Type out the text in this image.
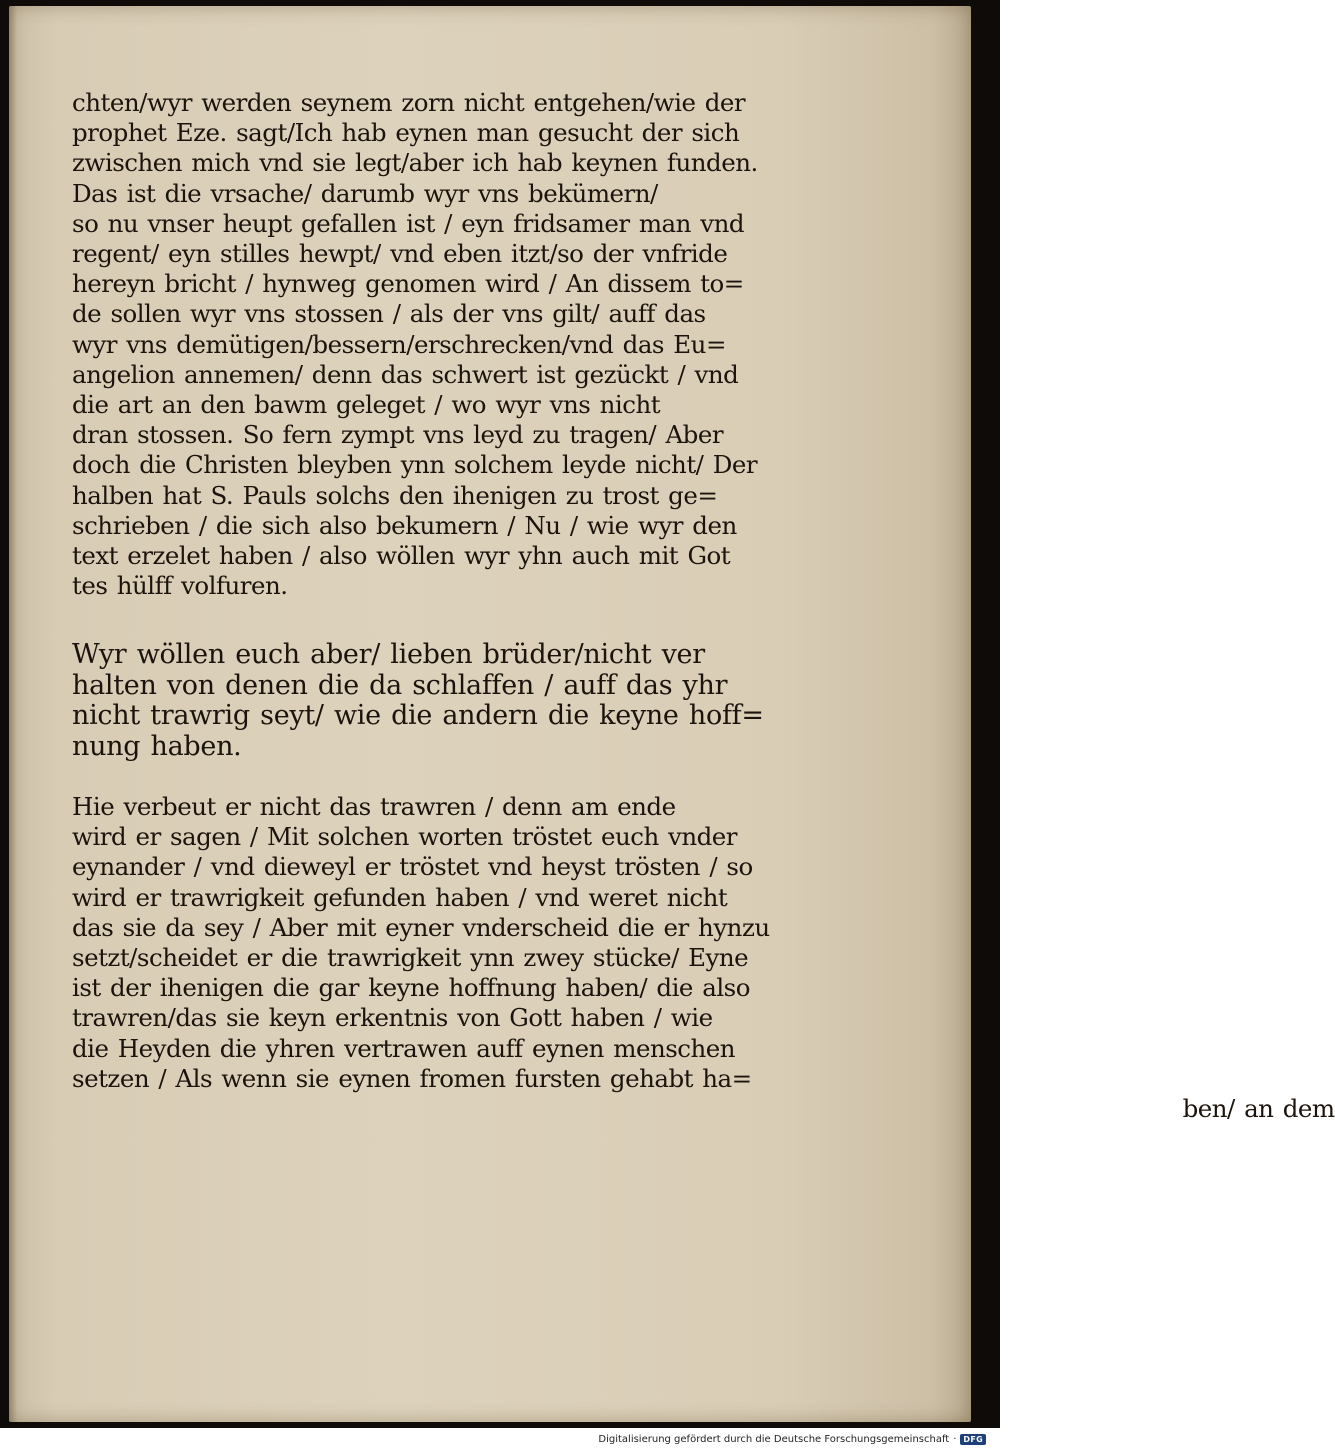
chten/wyr werden seynem zorn nicht entgehen/wie der
prophet Eze. sagt/Ich hab eynen man gesucht der sich
zwischen mich vnd sie legt/aber ich hab keynen funden.
Das ist die vrsache/ darumb wyr vns bekümern/
so nu vnser heupt gefallen ist / eyn fridsamer man vnd
regent/ eyn stilles hewpt/ vnd eben itzt/so der vnfride
hereyn bricht / hynweg genomen wird / An dissem to=
de sollen wyr vns stossen / als der vns gilt/ auff das
wyr vns demütigen/bessern/erschrecken/vnd das Eu=
angelion annemen/ denn das schwert ist gezückt / vnd
die art an den bawm geleget / wo wyr vns nicht
dran stossen. So fern zympt vns leyd zu tragen/ Aber
doch die Christen bleyben ynn solchem leyde nicht/ Der
halben hat S. Pauls solchs den ihenigen zu trost ge=
schrieben / die sich also bekumern / Nu / wie wyr den
text erzelet haben / also wöllen wyr yhn auch mit Got
tes hülff volfuren.
Wyr wöllen euch aber/ lieben brüder/nicht ver
halten von denen die da schlaffen / auff das yhr
nicht trawrig seyt/ wie die andern die keyne hoff=
nung haben.
Hie verbeut er nicht das trawren / denn am ende
wird er sagen / Mit solchen worten tröstet euch vnder
eynander / vnd dieweyl er tröstet vnd heyst trösten / so
wird er trawrigkeit gefunden haben / vnd weret nicht
das sie da sey / Aber mit eyner vnderscheid die er hynzu
setzt/scheidet er die trawrigkeit ynn zwey stücke/ Eyne
ist der ihenigen die gar keyne hoffnung haben/ die also
trawren/das sie keyn erkentnis von Gott haben / wie
die Heyden die yhren vertrawen auff eynen menschen
setzen / Als wenn sie eynen fromen fursten gehabt ha=
ben/ an dem
Digitalisierung gefördert durch die Deutsche Forschungsgemeinschaft · DFG
